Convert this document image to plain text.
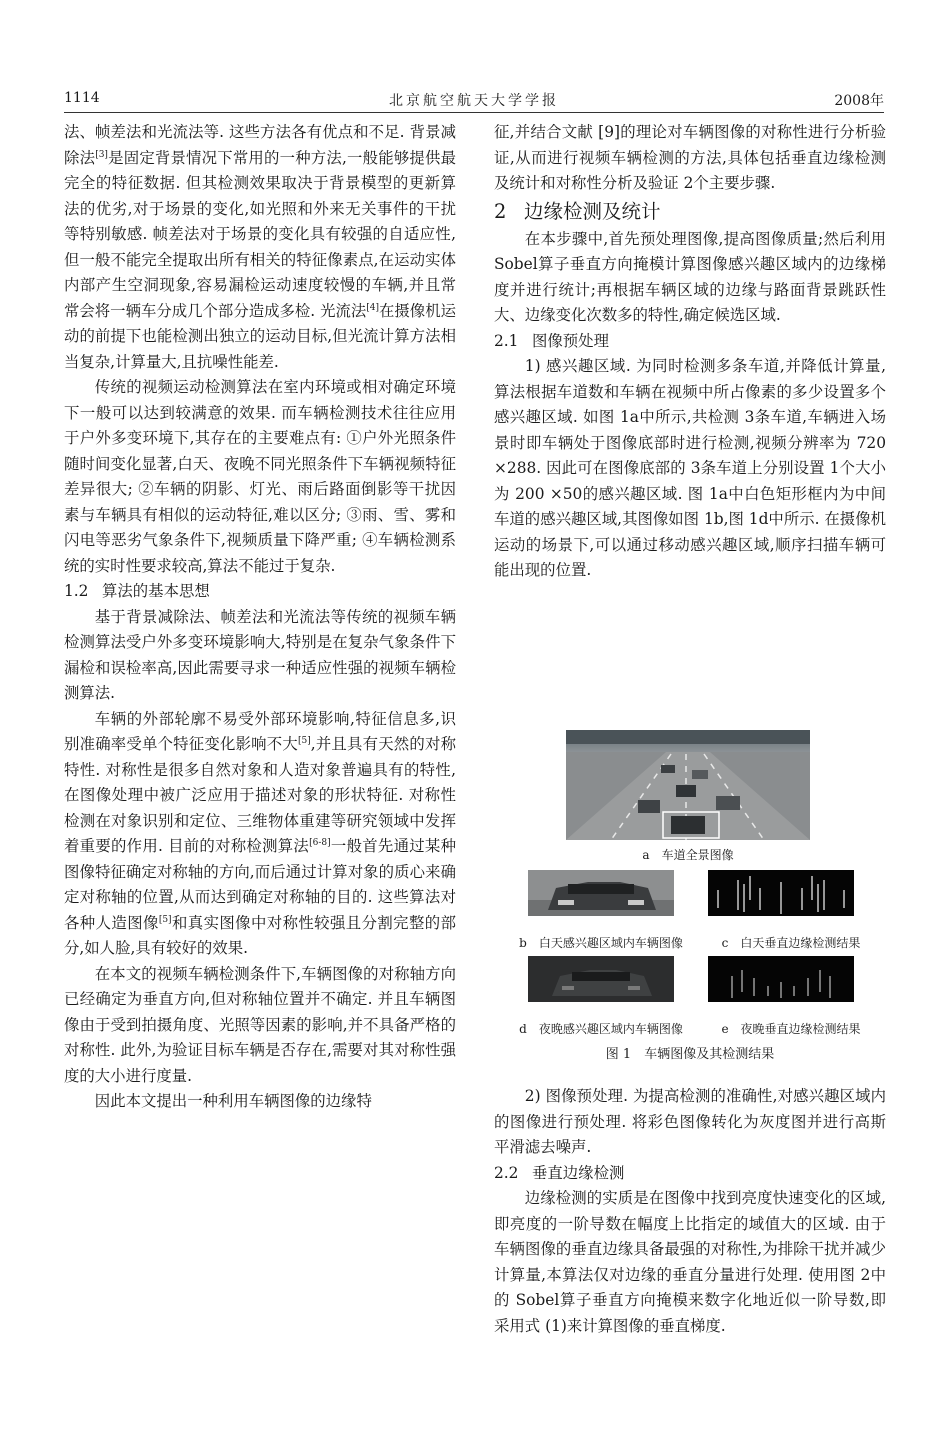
1114	北京航空航天大学学报	2008年

法、帧差法和光流法等. 这些方法各有优点和不足. 背景减除法[3]是固定背景情况下常用的一种方法,一般能够提供最完全的特征数据. 但其检测效果取决于背景模型的更新算法的优劣,对于场景的变化,如光照和外来无关事件的干扰等特别敏感. 帧差法对于场景的变化具有较强的自适应性,但一般不能完全提取出所有相关的特征像素点,在运动实体内部产生空洞现象,容易漏检运动速度较慢的车辆,并且常常会将一辆车分成几个部分造成多检. 光流法[4]在摄像机运动的前提下也能检测出独立的运动目标,但光流计算方法相当复杂,计算量大,且抗噪性能差.

传统的视频运动检测算法在室内环境或相对确定环境下一般可以达到较满意的效果. 而车辆检测技术往往应用于户外多变环境下,其存在的主要难点有: ①户外光照条件随时间变化显著,白天、夜晚不同光照条件下车辆视频特征差异很大; ②车辆的阴影、灯光、雨后路面倒影等干扰因素与车辆具有相似的运动特征,难以区分; ③雨、雪、雾和闪电等恶劣气象条件下,视频质量下降严重; ④车辆检测系统的实时性要求较高,算法不能过于复杂.

1.2 算法的基本思想

基于背景减除法、帧差法和光流法等传统的视频车辆检测算法受户外多变环境影响大,特别是在复杂气象条件下漏检和误检率高,因此需要寻求一种适应性强的视频车辆检测算法.

车辆的外部轮廓不易受外部环境影响,特征信息多,识别准确率受单个特征变化影响不大[5],并且具有天然的对称特性. 对称性是很多自然对象和人造对象普遍具有的特性,在图像处理中被广泛应用于描述对象的形状特征. 对称性检测在对象识别和定位、三维物体重建等研究领域中发挥着重要的作用. 目前的对称检测算法[6-8]一般首先通过某种图像特征确定对称轴的方向,而后通过计算对象的质心来确定对称轴的位置,从而达到确定对称轴的目的. 这些算法对各种人造图像[5]和真实图像中对称性较强且分割完整的部分,如人脸,具有较好的效果.

在本文的视频车辆检测条件下,车辆图像的对称轴方向已经确定为垂直方向,但对称轴位置并不确定. 并且车辆图像由于受到拍摄角度、光照等因素的影响,并不具备严格的对称性. 此外,为验证目标车辆是否存在,需要对其对称性强度的大小进行度量.

因此本文提出一种利用车辆图像的边缘特

征,并结合文献 [9]的理论对车辆图像的对称性进行分析验证,从而进行视频车辆检测的方法,具体包括垂直边缘检测及统计和对称性分析及验证 2个主要步骤.

2 边缘检测及统计

在本步骤中,首先预处理图像,提高图像质量;然后利用 Sobel算子垂直方向掩模计算图像感兴趣区域内的边缘梯度并进行统计;再根据车辆区域的边缘与路面背景跳跃性大、边缘变化次数多的特性,确定候选区域.

2.1 图像预处理

1) 感兴趣区域. 为同时检测多条车道,并降低计算量,算法根据车道数和车辆在视频中所占像素的多少设置多个感兴趣区域. 如图 1a中所示,共检测 3条车道,车辆进入场景时即车辆处于图像底部时进行检测,视频分辨率为 720 ×288. 因此可在图像底部的 3条车道上分别设置 1个大小为 200 ×50的感兴趣区域. 图 1a中白色矩形框内为中间车道的感兴趣区域,其图像如图 1b,图 1d中所示. 在摄像机运动的场景下,可以通过移动感兴趣区域,顺序扫描车辆可能出现的位置.

a　车道全景图像
b　白天感兴趣区域内车辆图像	c　白天垂直边缘检测结果
d　夜晚感兴趣区域内车辆图像	e　夜晚垂直边缘检测结果
图 1　车辆图像及其检测结果

2) 图像预处理. 为提高检测的准确性,对感兴趣区域内的图像进行预处理. 将彩色图像转化为灰度图并进行高斯平滑滤去噪声.

2.2 垂直边缘检测

边缘检测的实质是在图像中找到亮度快速变化的区域,即亮度的一阶导数在幅度上比指定的域值大的区域. 由于车辆图像的垂直边缘具备最强的对称性,为排除干扰并减少计算量,本算法仅对边缘的垂直分量进行处理. 使用图 2中的 Sobel算子垂直方向掩模来数字化地近似一阶导数,即采用式 (1)来计算图像的垂直梯度.
